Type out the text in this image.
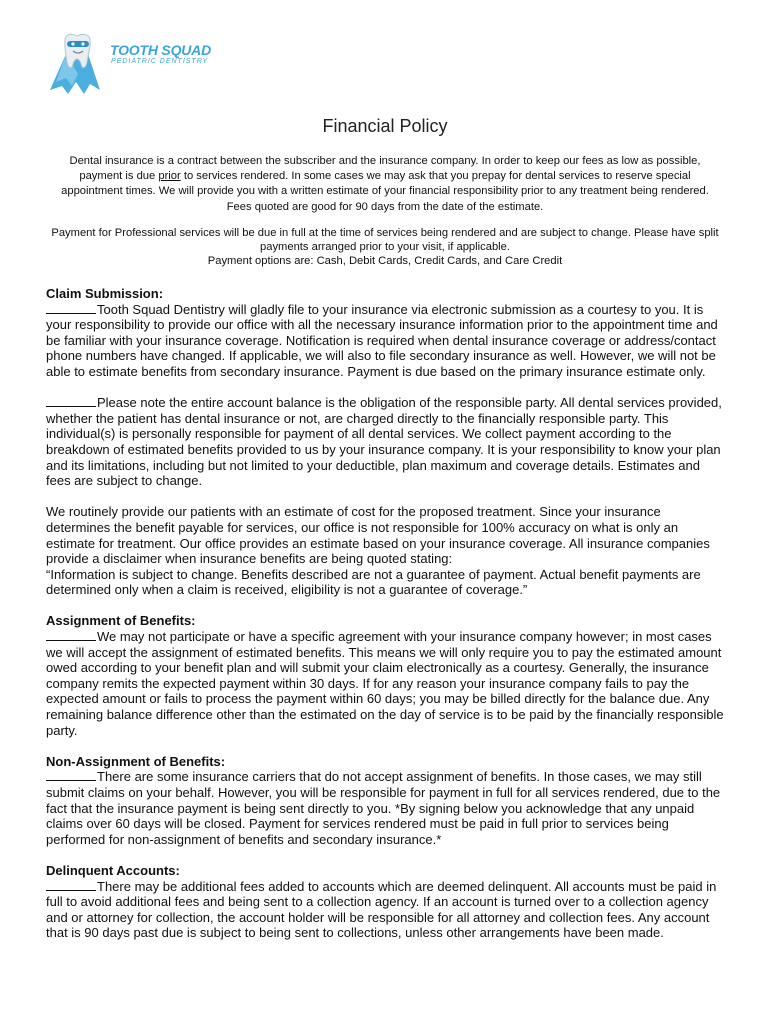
TOOTH SQUAD
PEDIATRIC DENTISTRY
Financial Policy

Dental insurance is a contract between the subscriber and the insurance company. In order to keep our fees as low as possible,

payment is due prior to services rendered. In some cases we may ask that you prepay for dental services to reserve special

appointment times. We will provide you with a written estimate of your financial responsibility prior to any treatment being rendered.

Fees quoted are good for 90 days from the date of the estimate.

Payment for Professional services will be due in full at the time of services being rendered and are subject to change. Please have split

payments arranged prior to your visit, if applicable.

Payment options are: Cash, Debit Cards, Credit Cards, and Care Credit

Claim Submission:

Tooth Squad Dentistry will gladly file to your insurance via electronic submission as a courtesy to you. It is your responsibility to provide our office with all the necessary insurance information prior to the appointment time and be familiar with your insurance coverage. Notification is required when dental insurance coverage or address/contact phone numbers have changed. If applicable, we will also to file secondary insurance as well. However, we will not be able to estimate benefits from secondary insurance. Payment is due based on the primary insurance estimate only.

Please note the entire account balance is the obligation of the responsible party. All dental services provided, whether the patient has dental insurance or not, are charged directly to the financially responsible party. This individual(s) is personally responsible for payment of all dental services. We collect payment according to the breakdown of estimated benefits provided to us by your insurance company. It is your responsibility to know your plan and its limitations, including but not limited to your deductible, plan maximum and coverage details. Estimates and fees are subject to change.

We routinely provide our patients with an estimate of cost for the proposed treatment. Since your insurance determines the benefit payable for services, our office is not responsible for 100% accuracy on what is only an estimate for treatment. Our office provides an estimate based on your insurance coverage. All insurance companies provide a disclaimer when insurance benefits are being quoted stating:

“Information is subject to change. Benefits described are not a guarantee of payment. Actual benefit payments are determined only when a claim is received, eligibility is not a guarantee of coverage.”

Assignment of Benefits:

We may not participate or have a specific agreement with your insurance company however; in most cases we will accept the assignment of estimated benefits. This means we will only require you to pay the estimated amount owed according to your benefit plan and will submit your claim electronically as a courtesy. Generally, the insurance company remits the expected payment within 30 days. If for any reason your insurance company fails to pay the expected amount or fails to process the payment within 60 days; you may be billed directly for the balance due. Any remaining balance difference other than the estimated on the day of service is to be paid by the financially responsible party.

Non-Assignment of Benefits:

There are some insurance carriers that do not accept assignment of benefits. In those cases, we may still submit claims on your behalf. However, you will be responsible for payment in full for all services rendered, due to the fact that the insurance payment is being sent directly to you. *By signing below you acknowledge that any unpaid claims over 60 days will be closed. Payment for services rendered must be paid in full prior to services being performed for non-assignment of benefits and secondary insurance.*

Delinquent Accounts:

There may be additional fees added to accounts which are deemed delinquent. All accounts must be paid in full to avoid additional fees and being sent to a collection agency. If an account is turned over to a collection agency and or attorney for collection, the account holder will be responsible for all attorney and collection fees. Any account that is 90 days past due is subject to being sent to collections, unless other arrangements have been made.
